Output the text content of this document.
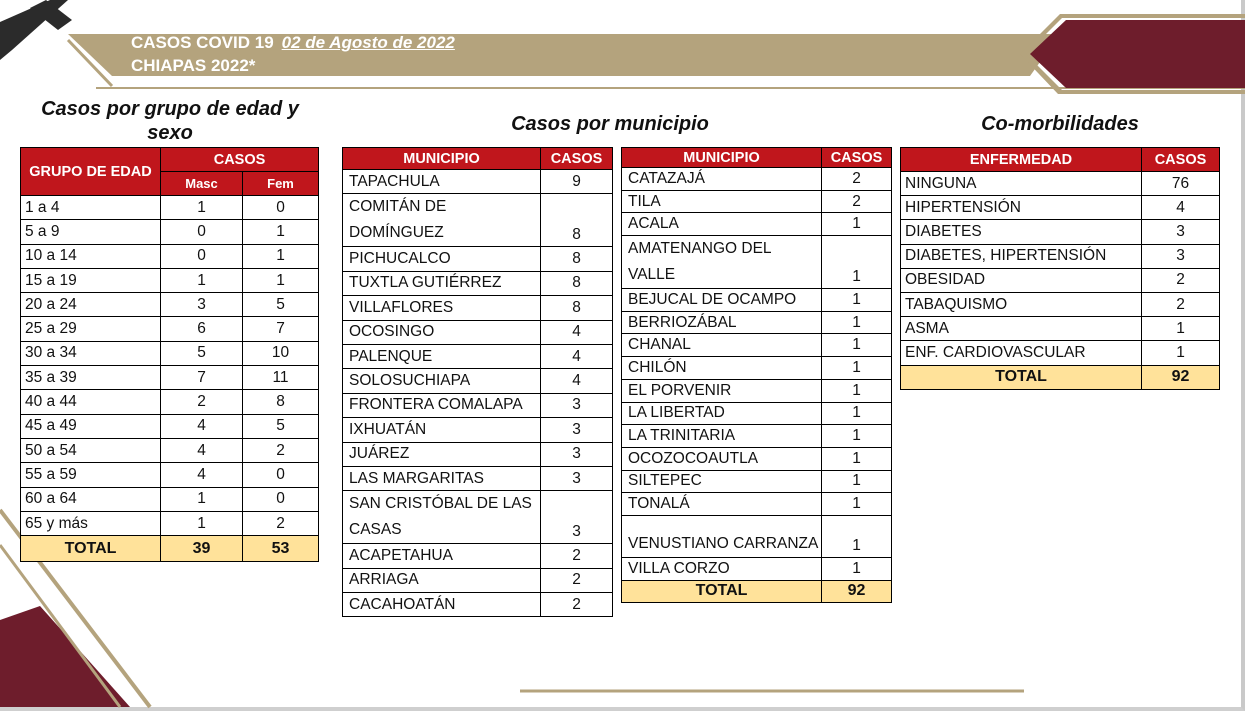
CASOS COVID 19 02 de Agosto de 2022
CHIAPAS 2022*
Casos por grupo de edad y sexo	Casos por municipio	Co-morbilidades
GRUPO DE EDAD	CASOS	
	Masc	Fem
1 a 4	1	0
5 a 9	0	1
10 a 14	0	1
15 a 19	1	1
20 a 24	3	5
25 a 29	6	7
30 a 34	5	10
35 a 39	7	11
40 a 44	2	8
45 a 49	4	5
50 a 54	4	2
55 a 59	4	0
60 a 64	1	0
65 y más	1	2
TOTAL	39	53
MUNICIPIO	CASOS
TAPACHULA	9
COMITÁN DE DOMÍNGUEZ	8
PICHUCALCO	8
TUXTLA GUTIÉRREZ	8
VILLAFLORES	8
OCOSINGO	4
PALENQUE	4
SOLOSUCHIAPA	4
FRONTERA COMALAPA	3
IXHUATÁN	3
JUÁREZ	3
LAS MARGARITAS	3
SAN CRISTÓBAL DE LAS CASAS	3
ACAPETAHUA	2
ARRIAGA	2
CACAHOATÁN	2
MUNICIPIO	CASOS
CATAZAJÁ	2
TILA	2
ACALA	1
AMATENANGO DEL VALLE	1
BEJUCAL DE OCAMPO	1
BERRIOZÁBAL	1
CHANAL	1
CHILÓN	1
EL PORVENIR	1
LA LIBERTAD	1
LA TRINITARIA	1
OCOZOCOAUTLA	1
SILTEPEC	1
TONALÁ	1
VENUSTIANO CARRANZA	1
VILLA CORZO	1
TOTAL	92
ENFERMEDAD	CASOS
NINGUNA	76
HIPERTENSIÓN	4
DIABETES	3
DIABETES, HIPERTENSIÓN	3
OBESIDAD	2
TABAQUISMO	2
ASMA	1
ENF. CARDIOVASCULAR	1
TOTAL	92
